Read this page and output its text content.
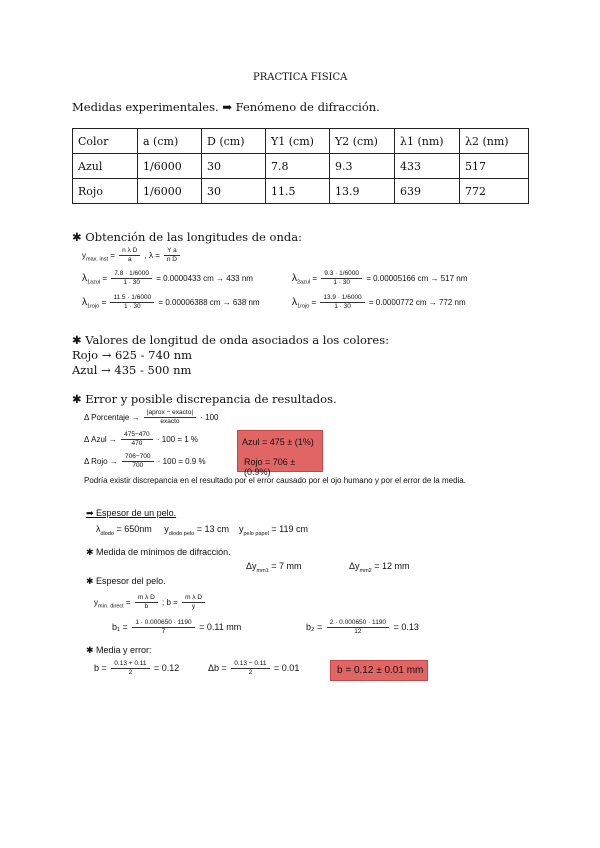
PRACTICA FISICA
Medidas experimentales. ➡ Fenómeno de difracción.
Color	a (cm)	D (cm)	Y1 (cm)	Y2 (cm)	λ1 (nm)	λ2 (nm)
Azul	1/6000	30	7.8	9.3	433	517
Rojo	1/6000	30	11.5	13.9	639	772
✱ Obtención de las longitudes de onda:
$y_{max. inst} = \frac{\text{n λ D}}{a}$ , $\lambda = \frac{\text{Y a}}{\text{n D}}$
✱ Valores de longitud de onda asociados a los colores:
Rojo → 625 - 740 nm
Azul → 435 - 500 nm
✱ Error y posible discrepancia de resultados.
Azul = 475 ± (1%)
Rojo = 706 ± (0.9%)
Podría existir discrepancia en el resultado por el error causado por el ojo humano y por el error de la media.
➡ Espesor de un pelo.
$\lambda_{diodo} = 650nm$ $y_{diodo pelo} = 13$ cm $y_{pelo papel} = 119$ cm
✱ Medida de mínimos de difracción.
$\Delta y_{mm1} = 7$ mm	$\Delta y_{mm2} = 12$ mm
✱ Espesor del pelo.
$y_{mín. direct} = \frac{\text{m λ D}}{b}$ ; $b = \frac{\text{m λ D}}{y}$
✱ Media y error:
b = 0.12 ± 0.01 mm
$\lambda_{1azul} = \frac{7.8 \cdot 1/6000}{1 \cdot 30} = 0.0000433$ cm → 433 nm	$\lambda_{2azul} = \frac{9.3 \cdot 1/6000}{1 \cdot 30} = 0.00005166$ cm → 517 nm
$\lambda_{1rojo} = \frac{11.5 \cdot 1/6000}{1 \cdot 30} = 0.00006388$ cm → 638 nm	$\lambda_{1rojo} = \frac{13.9 \cdot 1/6000}{1 \cdot 30} = 0.0000772$ cm → 772 nm
Δ Porcentaje →
|aprox − exacto|
exacto	· 100
Δ Azul → $\frac{475-470}{470} \cdot 100 = 1$ %
Δ Rojo → $\frac{706-700}{700} \cdot 100 = 0.9$ %
$b_1 = \frac{1 \cdot 0.000650 \cdot 1190}{7} = 0.11$ mm	$b_2 = \frac{2 \cdot 0.000650 \cdot 1190}{12} = 0.13$
$b = \frac{0.13 + 0.11}{2} = 0.12$	$\Delta b = \frac{0.13 - 0.11}{2} = 0.01$
